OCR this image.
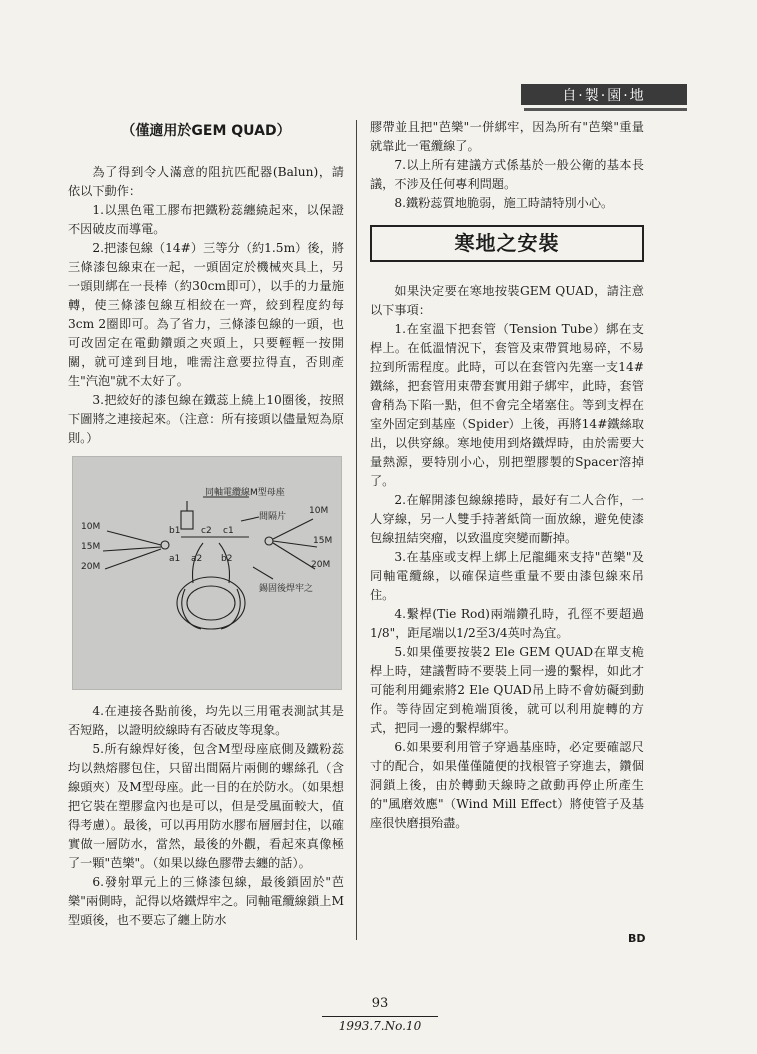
自·製·園·地
（僅適用於GEM QUAD）

為了得到令人滿意的阻抗匹配器(Balun)，請依以下動作：

1.以黑色電工膠布把鐵粉蕊纏繞起來，以保證不因破皮而導電。

2.把漆包線（14#）三等分（約1.5m）後，將三條漆包線束在一起，一頭固定於機械夾具上，另一頭則綁在一長棒（約30cm即可），以手的力量施轉，使三條漆包線互相絞在一齊，絞到程度約每3cm 2圈即可。為了省力，三條漆包線的一頭，也可改固定在電動鑽頭之夾頭上，只要輕輕一按開關，就可達到目地，唯需注意要拉得直，否則產生"汽泡"就不太好了。

3.把絞好的漆包線在鐵蕊上繞上10圈後，按照下圖將之連接起來。（注意：所有接頭以儘量短為原則。）

同軸電纜線M型母座
間隔片
錫固後焊牢之
10M
15M
20M
10M
15M
20M
a1 a2
b1
b2
c1
c2

4.在連接各點前後，均先以三用電表測試其是否短路，以證明絞線時有否破皮等現象。

5.所有線焊好後，包含M型母座底側及鐵粉蕊均以熱熔膠包住，只留出間隔片兩側的螺絲孔（含線頭夾）及M型母座。此一目的在於防水。（如果想把它裝在塑膠盒內也是可以，但是受風面較大，值得考慮）。最後，可以再用防水膠布層層封住，以確實做一層防水，當然，最後的外觀，看起來真像極了一顆"芭樂"。（如果以綠色膠帶去纏的話）。

6.發射單元上的三條漆包線，最後鎖固於"芭樂"兩側時，記得以烙鐵焊牢之。同軸電纜線鎖上M型頭後，也不要忘了纏上防水

膠帶並且把"芭樂"一併綁牢，因為所有"芭樂"重量就靠此一電纜線了。

7.以上所有建議方式係基於一般公衛的基本長議，不涉及任何專利問題。

8.鐵粉蕊質地脆弱，施工時請特別小心。

寒地之安裝

如果決定要在寒地按裝GEM QUAD，請注意以下事項：

1.在室溫下把套管（Tension Tube）綁在支桿上。在低溫情況下，套管及束帶質地易碎，不易拉到所需程度。此時，可以在套管內先塞一支14#鐵絲，把套管用束帶套實用鉗子綁牢，此時，套管會稍為下陷一點，但不會完全堵塞住。等到支桿在室外固定到基座（Spider）上後，再將14#鐵絲取出，以供穿線。寒地使用到烙鐵焊時，由於需要大量熱源，要特別小心，別把塑膠製的Spacer溶掉了。

2.在解開漆包線線捲時，最好有二人合作，一人穿線，另一人雙手持著紙筒一面放線，避免使漆包線扭結突瘤，以致溫度突變而斷掉。

3.在基座或支桿上綁上尼龍繩來支持"芭樂"及同軸電纜線，以確保這些重量不要由漆包線來吊住。

4.繫桿(Tie Rod)兩端鑽孔時，孔徑不要超過1/8"，距尾端以1/2至3/4英吋為宜。

5.如果僅要按裝2 Ele GEM QUAD在單支桅桿上時，建議暫時不要裝上同一邊的繫桿，如此才可能利用繩索將2 Ele QUAD吊上時不會妨礙到動作。等待固定到桅端頂後，就可以利用旋轉的方式，把同一邊的繫桿綁牢。

6.如果要利用管子穿過基座時，必定要確認尺寸的配合，如果僅僅隨便的找根管子穿進去，鑽個洞鎖上後，由於轉動天線時之啟動再停止所產生的"風磨效應"（Wind Mill Effect）將使管子及基座很快磨損殆盡。

BD
93
1993.7.No.10
